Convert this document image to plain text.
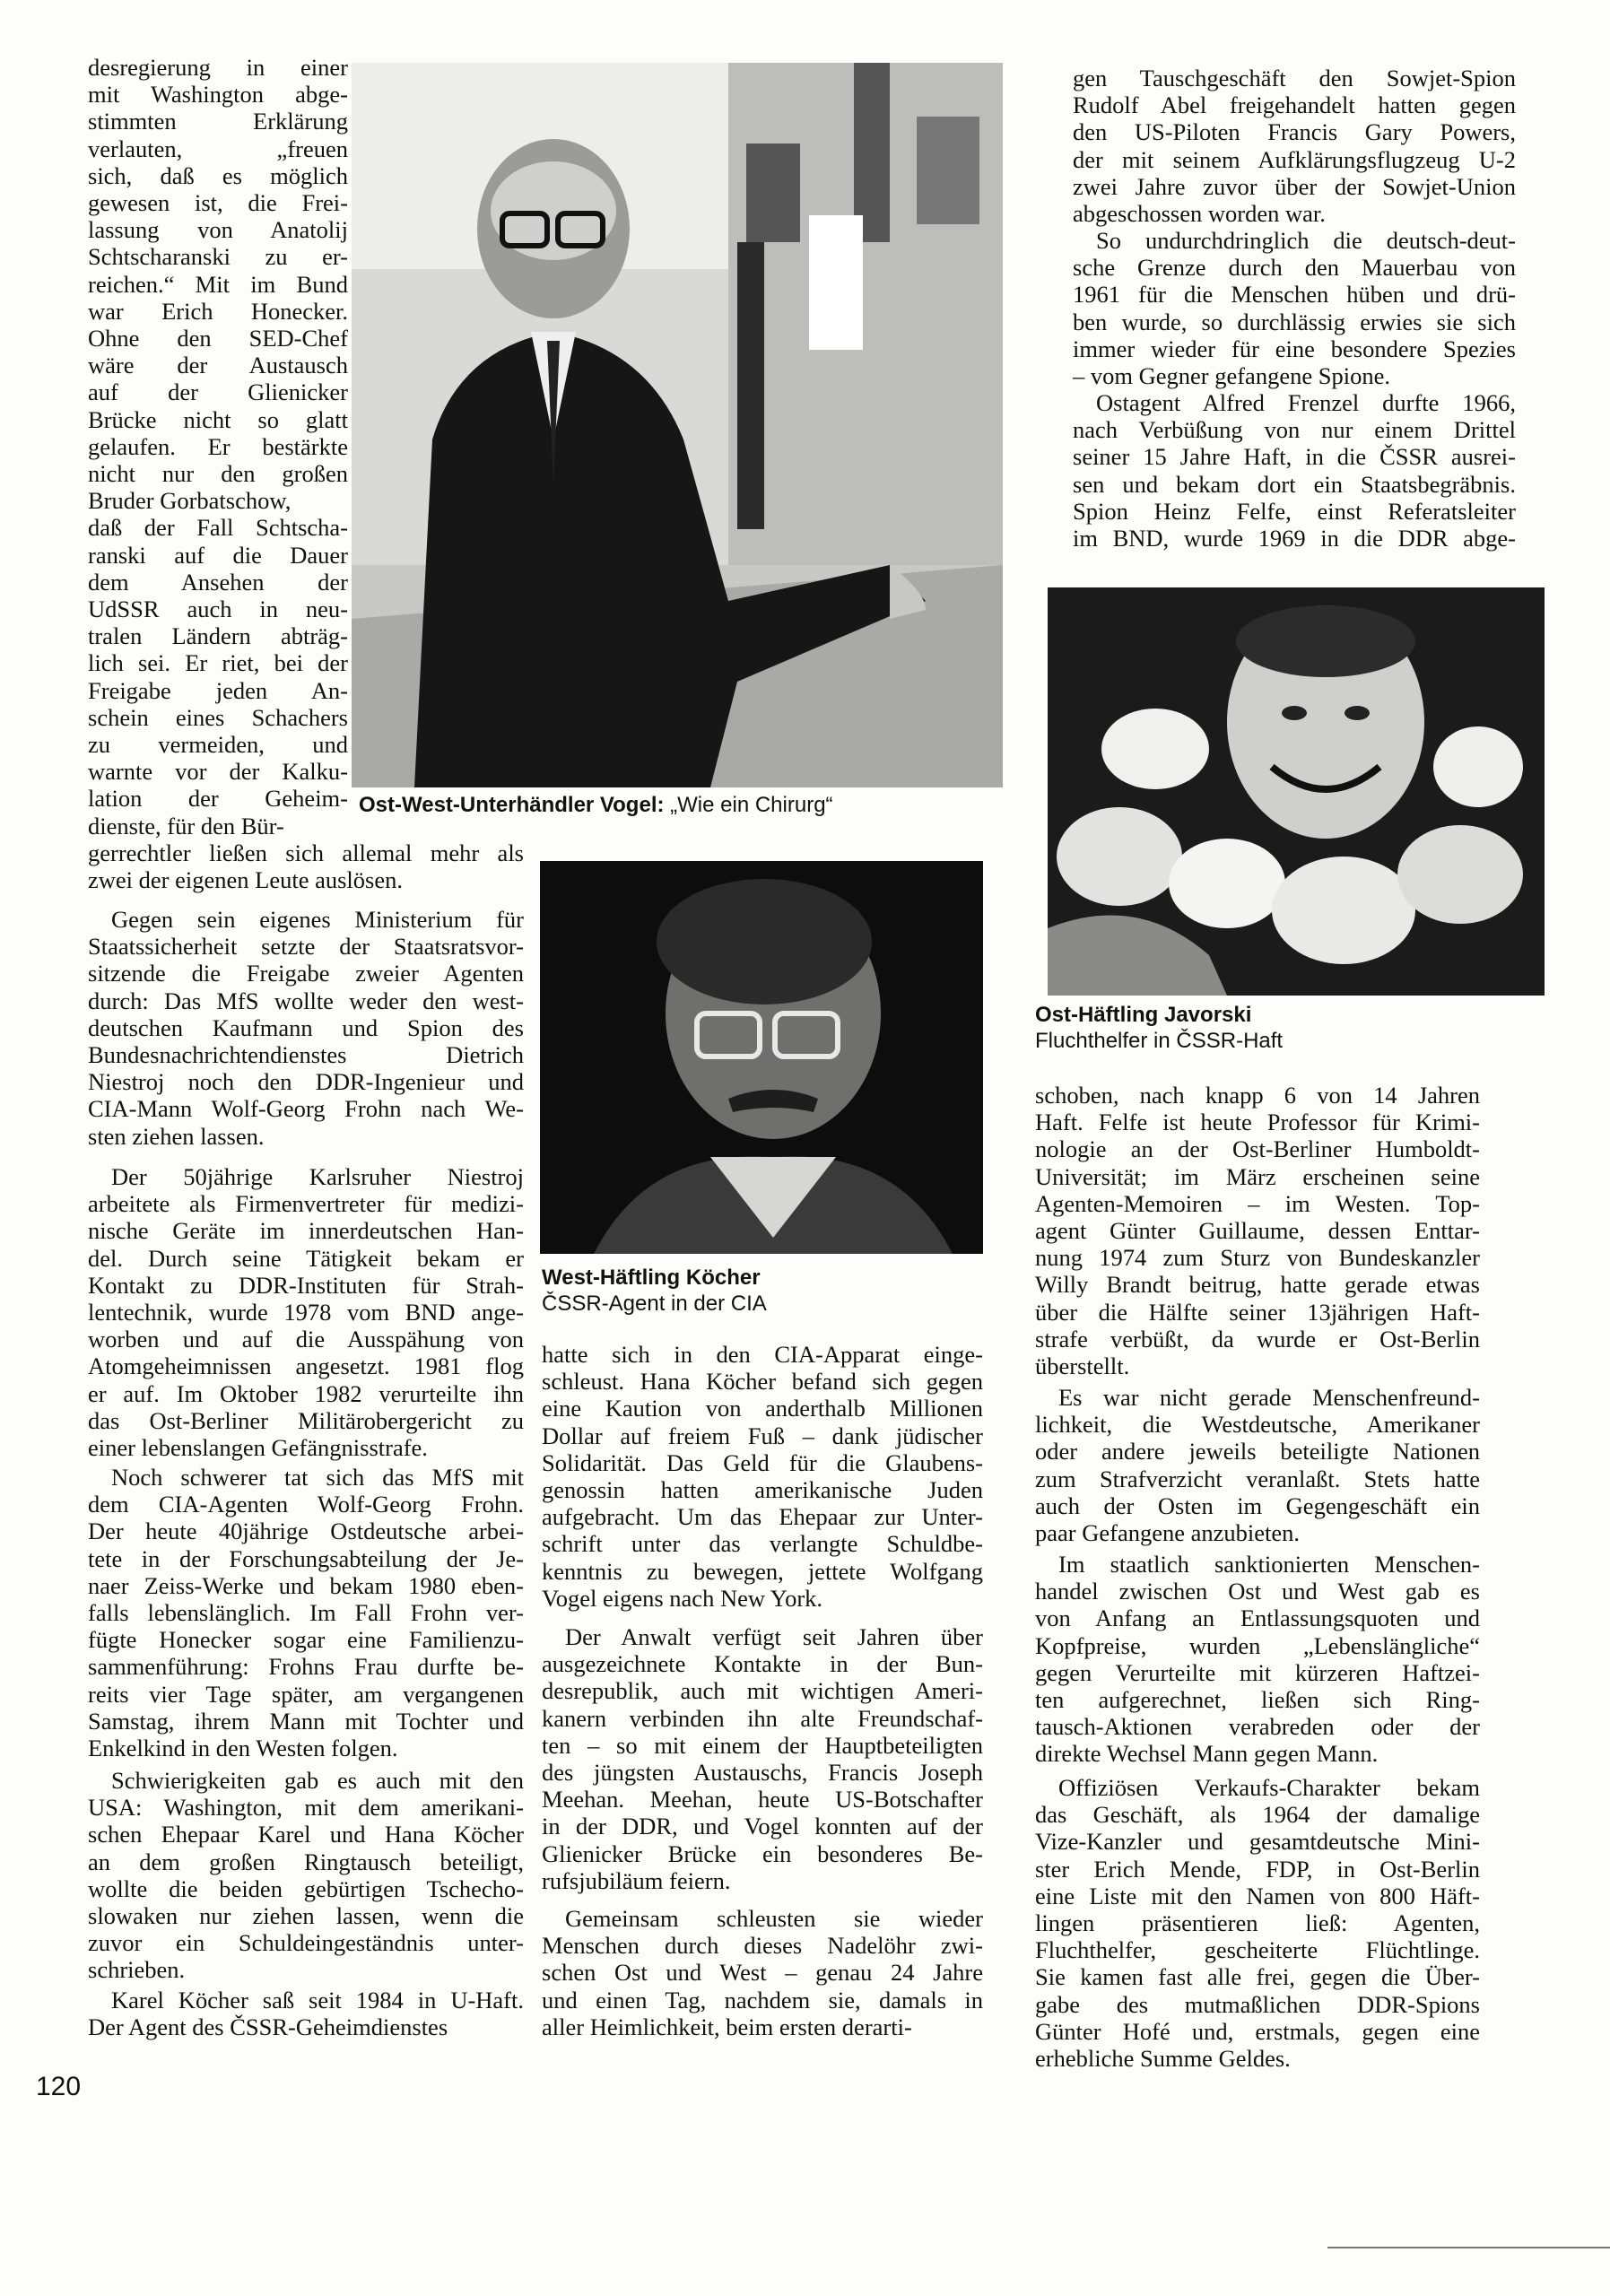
desregierung in einer
mit Washington abge-
stimmten Erklärung
verlauten, „freuen
sich, daß es möglich
gewesen ist, die Frei-
lassung von Anatolij
Schtscharanski zu er-
reichen.“ Mit im Bund
war Erich Honecker.
Ohne den SED-Chef
wäre der Austausch
auf der Glienicker
Brücke nicht so glatt
gelaufen. Er bestärkte
nicht nur den großen
Bruder Gorbatschow,
daß der Fall Schtscha-
ranski auf die Dauer
dem Ansehen der
UdSSR auch in neu-
tralen Ländern abträg-
lich sei. Er riet, bei der
Freigabe jeden An-
schein eines Schachers
zu vermeiden, und
warnte vor der Kalku-
lation der Geheim-
dienste, für den Bür-
gerrechtler ließen sich allemal mehr als
zwei der eigenen Leute auslösen.
Gegen sein eigenes Ministerium für
Staatssicherheit setzte der Staatsratsvor-
sitzende die Freigabe zweier Agenten
durch: Das MfS wollte weder den west-
deutschen Kaufmann und Spion des
Bundesnachrichtendienstes Dietrich
Niestroj noch den DDR-Ingenieur und
CIA-Mann Wolf-Georg Frohn nach We-
sten ziehen lassen.
Der 50jährige Karlsruher Niestroj
arbeitete als Firmenvertreter für medizi-
nische Geräte im innerdeutschen Han-
del. Durch seine Tätigkeit bekam er
Kontakt zu DDR-Instituten für Strah-
lentechnik, wurde 1978 vom BND ange-
worben und auf die Ausspähung von
Atomgeheimnissen angesetzt. 1981 flog
er auf. Im Oktober 1982 verurteilte ihn
das Ost-Berliner Militärobergericht zu
einer lebenslangen Gefängnisstrafe.
Noch schwerer tat sich das MfS mit
dem CIA-Agenten Wolf-Georg Frohn.
Der heute 40jährige Ostdeutsche arbei-
tete in der Forschungsabteilung der Je-
naer Zeiss-Werke und bekam 1980 eben-
falls lebenslänglich. Im Fall Frohn ver-
fügte Honecker sogar eine Familienzu-
sammenführung: Frohns Frau durfte be-
reits vier Tage später, am vergangenen
Samstag, ihrem Mann mit Tochter und
Enkelkind in den Westen folgen.
Schwierigkeiten gab es auch mit den
USA: Washington, mit dem amerikani-
schen Ehepaar Karel und Hana Köcher
an dem großen Ringtausch beteiligt,
wollte die beiden gebürtigen Tschecho-
slowaken nur ziehen lassen, wenn die
zuvor ein Schuldeingeständnis unter-
schrieben.
Karel Köcher saß seit 1984 in U-Haft.
Der Agent des ČSSR-Geheimdienstes
Ost-West-Unterhändler Vogel: „Wie ein Chirurg“
West-Häftling Köcher
ČSSR-Agent in der CIA
hatte sich in den CIA-Apparat einge-
schleust. Hana Köcher befand sich gegen
eine Kaution von anderthalb Millionen
Dollar auf freiem Fuß – dank jüdischer
Solidarität. Das Geld für die Glaubens-
genossin hatten amerikanische Juden
aufgebracht. Um das Ehepaar zur Unter-
schrift unter das verlangte Schuldbe-
kenntnis zu bewegen, jettete Wolfgang
Vogel eigens nach New York.
Der Anwalt verfügt seit Jahren über
ausgezeichnete Kontakte in der Bun-
desrepublik, auch mit wichtigen Ameri-
kanern verbinden ihn alte Freundschaf-
ten – so mit einem der Hauptbeteiligten
des jüngsten Austauschs, Francis Joseph
Meehan. Meehan, heute US-Botschafter
in der DDR, und Vogel konnten auf der
Glienicker Brücke ein besonderes Be-
rufsjubiläum feiern.
Gemeinsam schleusten sie wieder
Menschen durch dieses Nadelöhr zwi-
schen Ost und West – genau 24 Jahre
und einen Tag, nachdem sie, damals in
aller Heimlichkeit, beim ersten derarti-
gen Tauschgeschäft den Sowjet-Spion
Rudolf Abel freigehandelt hatten gegen
den US-Piloten Francis Gary Powers,
der mit seinem Aufklärungsflugzeug U-2
zwei Jahre zuvor über der Sowjet-Union
abgeschossen worden war.
So undurchdringlich die deutsch-deut-
sche Grenze durch den Mauerbau von
1961 für die Menschen hüben und drü-
ben wurde, so durchlässig erwies sie sich
immer wieder für eine besondere Spezies
– vom Gegner gefangene Spione.
Ostagent Alfred Frenzel durfte 1966,
nach Verbüßung von nur einem Drittel
seiner 15 Jahre Haft, in die ČSSR ausrei-
sen und bekam dort ein Staatsbegräbnis.
Spion Heinz Felfe, einst Referatsleiter
im BND, wurde 1969 in die DDR abge-
Ost-Häftling Javorski
Fluchthelfer in ČSSR-Haft
schoben, nach knapp 6 von 14 Jahren
Haft. Felfe ist heute Professor für Krimi-
nologie an der Ost-Berliner Humboldt-
Universität; im März erscheinen seine
Agenten-Memoiren – im Westen. Top-
agent Günter Guillaume, dessen Enttar-
nung 1974 zum Sturz von Bundeskanzler
Willy Brandt beitrug, hatte gerade etwas
über die Hälfte seiner 13jährigen Haft-
strafe verbüßt, da wurde er Ost-Berlin
überstellt.
Es war nicht gerade Menschenfreund-
lichkeit, die Westdeutsche, Amerikaner
oder andere jeweils beteiligte Nationen
zum Strafverzicht veranlaßt. Stets hatte
auch der Osten im Gegengeschäft ein
paar Gefangene anzubieten.
Im staatlich sanktionierten Menschen-
handel zwischen Ost und West gab es
von Anfang an Entlassungsquoten und
Kopfpreise, wurden „Lebenslängliche“
gegen Verurteilte mit kürzeren Haftzei-
ten aufgerechnet, ließen sich Ring-
tausch-Aktionen verabreden oder der
direkte Wechsel Mann gegen Mann.
Offiziösen Verkaufs-Charakter bekam
das Geschäft, als 1964 der damalige
Vize-Kanzler und gesamtdeutsche Mini-
ster Erich Mende, FDP, in Ost-Berlin
eine Liste mit den Namen von 800 Häft-
lingen präsentieren ließ: Agenten,
Fluchthelfer, gescheiterte Flüchtlinge.
Sie kamen fast alle frei, gegen die Über-
gabe des mutmaßlichen DDR-Spions
Günter Hofé und, erstmals, gegen eine
erhebliche Summe Geldes.
120
